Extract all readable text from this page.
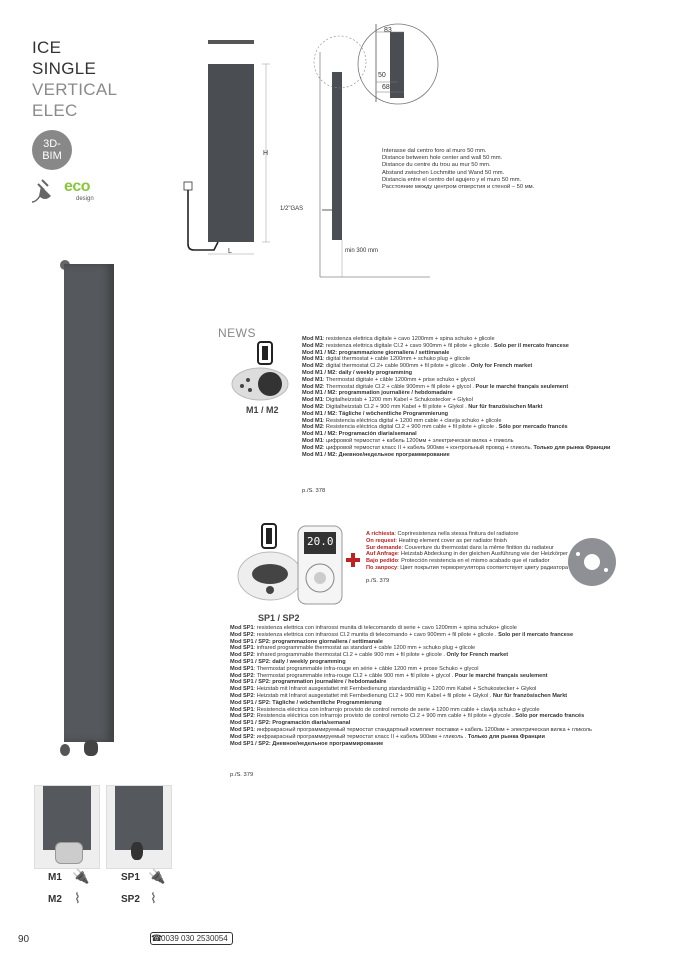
ICE
SINGLE
VERTICAL
ELEC
3D-
BIM
eco
design
83
50
68
H
L
1/2"GAS
min 300 mm
Interasse dal centro foro al muro 50 mm.
Distance between hole center and wall 50 mm.
Distance du centre du trou au mur 50 mm.
Abstand zwischen Lochmitte und Wand 50 mm.
Distancia entre el centro del agujero y el muro 50 mm.
Расстояние между центром отверстия и стеной – 50 мм.
NEWS
M1 / M2
Mod M1: resistenza elettrica digitale + cavo 1200mm + spina schuko + glicole
Mod M2: resistenza elettrica digitale Cl.2 + cavo 900mm + fil pilote + glicole . Solo per il mercato francese
Mod M1 / M2: programmazione giornaliera / settimanale
Mod M1: digital thermostat + cable 1200mm + schuko plug + glicole
Mod M2: digital thermostat Cl.2+ cable 900mm + fil pilote + glicole . Only for French market
Mod M1 / M2: daily / weekly programming
Mod M1: Thermostat digitale + câble 1200mm + prise schuko + glycol
Mod M2: Thermostat digitale Cl.2 + câble 900mm + fil pilote + glycol . Pour le marché français seulement
Mod M1 / M2: programmation journalière / hebdomadaire
Mod M1: Digitalheizstab + 1200 mm Kabel + Schukostecker + Glykol
Mod M2: Digitalheizstab Cl.2 + 900 mm Kabel + fil pilote + Glykol . Nur für französischen Markt
Mod M1 / M2: Tägliche / wöchentliche Programmierung
Mod M1: Resistencia eléctrica digital + 1200 mm cable + clavija schuko + glicole
Mod M2: Resistencia eléctrica digital Cl.2 + 900 mm cable + fil pilote + glicole . Sólo por mercado francés
Mod M1 / M2: Programación diaria/semanal
Mod M1: цифровой термостат + кабель 1200мм + электрическая вилка + гликоль
Mod M2: цифровой термостат класс II + кабель 900мм + контрольный провод + гликоль. Только для рынка Франции
Mod M1 / M2: Дневное/недельное программирование
p./S. 378
20.0
SP1 / SP2
A richiesta: Copriresistenza nella stessa finitura del radiatore
On request: Heating element cover as per radiator finish
Sur demande: Couverture du thermostat dans la même finition du radiateur
Auf Anfrage: Heizstab Abdeckung in der gleichen Ausführung wie der Heizkörper
Bajo pedido: Protección resistencia en el mismo acabado que el radiador
По запросу: Цвет покрытия терморегулятора соответствует цвету радиатора
p./S. 379
Mod SP1: resistenza elettrica con infrarossi munita di telecomando di serie + cavo 1200mm + spina schuko+ glicole
Mod SP2: resistenza elettrica con infrarossi Cl.2 munita di telecomando + cavo 900mm + fil pilote + glicole . Solo per il mercato francese
Mod SP1 / SP2: programmazione giornaliera / settimanale
Mod SP1: infrared programmable thermostat as standard + cable 1200 mm + schuko plug + glicole
Mod SP2: infrared programmable thermostat Cl.2 + cable 900 mm + fil pilote + glicole . Only for French market
Mod SP1 / SP2: daily / weekly programming
Mod SP1: Thermostat programmable infra-rouge en série + câble 1200 mm + prose Schuko + glycol
Mod SP2: Thermostat programmable infra-rouge Cl.2 + câble 900 mm + fil pilote + glycol . Pour le marché français seulement
Mod SP1 / SP2: programmation journalière / hebdomadaire
Mod SP1: Heizstab mit Infrarot ausgestattet mit Fernbedienung standardmäßig + 1200 mm Kabel + Schukostecker + Glykol
Mod SP2: Heizstab mit Infrarot ausgestattet mit Fernbedienung Cl.2 + 900 mm Kabel + fil pilote + Glykol . Nur für französischen Markt
Mod SP1 / SP2: Tägliche / wöchentliche Programmierung
Mod SP1: Resistencia eléctrica con infrarrojo provisto de control remoto de serie + 1200 mm cable + clavija schuko + glycole
Mod SP2: Resistencia eléctrica con infrarrojo provisto de control remoto Cl.2 + 900 mm cable + fil pilote + glycole . Sólo por mercado francés
Mod SP1 / SP2: Programación diaria/semanal
Mod SP1: инфракрасный программируемый термостат стандартный комплект поставки + кабель 1200мм + электрическая вилка + гликоль
Mod SP2: инфракрасный программируемый термостат класс II + кабель 900мм + гликоль . Только для рынка Франции
Mod SP1 / SP2: Дневное/недельное программирование
p./S. 379
M1 🔌
M2 ⌇
SP1 🔌
SP2 ⌇
90	0039 030 2530054
☎
